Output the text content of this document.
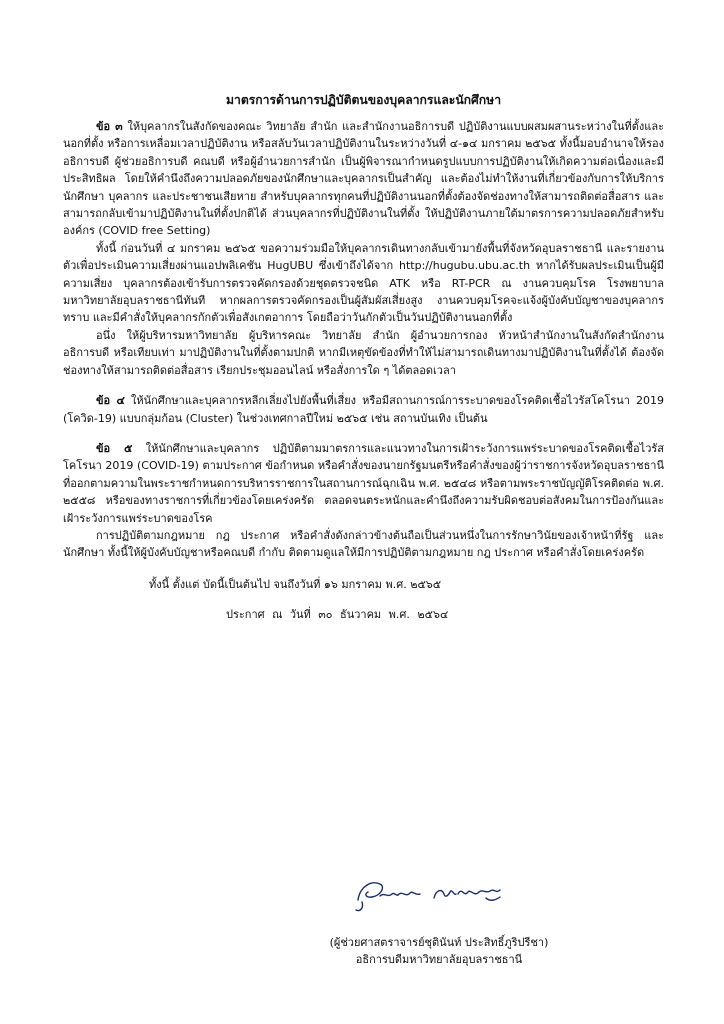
มาตรการด้านการปฏิบัติตนของบุคลากรและนักศึกษา

ข้อ ๓ ให้บุคลากรในสังกัดของคณะ วิทยาลัย สำนัก และสำนักงานอธิการบดี ปฏิบัติงานแบบผสมผสานระหว่างในที่ตั้งและนอกที่ตั้ง หรือการเหลื่อมเวลาปฏิบัติงาน หรือสลับวันเวลาปฏิบัติงานในระหว่างวันที่ ๔-๑๔ มกราคม ๒๕๖๕ ทั้งนี้มอบอำนาจให้รองอธิการบดี ผู้ช่วยอธิการบดี คณบดี หรือผู้อำนวยการสำนัก เป็นผู้พิจารณากำหนดรูปแบบการปฏิบัติงานให้เกิดความต่อเนื่องและมีประสิทธิผล โดยให้คำนึงถึงความปลอดภัยของนักศึกษาและบุคลากรเป็นสำคัญ และต้องไม่ทำให้งานที่เกี่ยวข้องกับการให้บริการนักศึกษา บุคลากร และประชาชนเสียหาย สำหรับบุคลากรทุกคนที่ปฏิบัติงานนอกที่ตั้งต้องจัดช่องทางให้สามารถติดต่อสื่อสาร และสามารถกลับเข้ามาปฏิบัติงานในที่ตั้งปกติได้ ส่วนบุคลากรที่ปฏิบัติงานในที่ตั้ง ให้ปฏิบัติงานภายใต้มาตรการความปลอดภัยสำหรับองค์กร (COVID free Setting)

ทั้งนี้ ก่อนวันที่ ๔ มกราคม ๒๕๖๕ ขอความร่วมมือให้บุคลากรเดินทางกลับเข้ามายังพื้นที่จังหวัดอุบลราชธานี และรายงานตัวเพื่อประเมินความเสี่ยงผ่านแอปพลิเคชัน HugUBU ซึ่งเข้าถึงได้จาก http://hugubu.ubu.ac.th หากได้รับผลประเมินเป็นผู้มีความเสี่ยง บุคลากรต้องเข้ารับการตรวจคัดกรองด้วยชุดตรวจชนิด ATK หรือ RT-PCR ณ งานควบคุมโรค โรงพยาบาลมหาวิทยาลัยอุบลราชธานีทันที หากผลการตรวจคัดกรองเป็นผู้สัมผัสเสี่ยงสูง งานควบคุมโรคจะแจ้งผู้บังคับบัญชาของบุคลากรทราบ และมีคำสั่งให้บุคลากรกักตัวเพื่อสังเกตอาการ โดยถือว่าวันกักตัวเป็นวันปฏิบัติงานนอกที่ตั้ง

อนึ่ง ให้ผู้บริหารมหาวิทยาลัย ผู้บริหารคณะ วิทยาลัย สำนัก ผู้อำนวยการกอง หัวหน้าสำนักงานในสังกัดสำนักงานอธิการบดี หรือเทียบเท่า มาปฏิบัติงานในที่ตั้งตามปกติ หากมีเหตุขัดข้องที่ทำให้ไม่สามารถเดินทางมาปฏิบัติงานในที่ตั้งได้ ต้องจัดช่องทางให้สามารถติดต่อสื่อสาร เรียกประชุมออนไลน์ หรือสั่งการใด ๆ ได้ตลอดเวลา

ข้อ ๔ ให้นักศึกษาและบุคลากรหลีกเลี่ยงไปยังพื้นที่เสี่ยง หรือมีสถานการณ์การระบาดของโรคติดเชื้อไวรัสโคโรนา 2019 (โควิด-19) แบบกลุ่มก้อน (Cluster) ในช่วงเทศกาลปีใหม่ ๒๕๖๕ เช่น สถานบันเทิง เป็นต้น

ข้อ ๕ ให้นักศึกษาและบุคลากร ปฏิบัติตามมาตรการและแนวทางในการเฝ้าระวังการแพร่ระบาดของโรคติดเชื้อไวรัสโคโรนา 2019 (COVID-19) ตามประกาศ ข้อกำหนด หรือคำสั่งของนายกรัฐมนตรีหรือคำสั่งของผู้ว่าราชการจังหวัดอุบลราชธานี ที่ออกตามความในพระราชกำหนดการบริหารราชการในสถานการณ์ฉุกเฉิน พ.ศ. ๒๕๔๘ หรือตามพระราชบัญญัติโรคติดต่อ พ.ศ. ๒๕๕๘ หรือของทางราชการที่เกี่ยวข้องโดยเคร่งครัด ตลอดจนตระหนักและคำนึงถึงความรับผิดชอบต่อสังคมในการป้องกันและเฝ้าระวังการแพร่ระบาดของโรค

การปฏิบัติตามกฎหมาย กฎ ประกาศ หรือคำสั่งดังกล่าวข้างต้นถือเป็นส่วนหนึ่งในการรักษาวินัยของเจ้าหน้าที่รัฐ และนักศึกษา ทั้งนี้ให้ผู้บังคับบัญชาหรือคณบดี กำกับ ติดตามดูแลให้มีการปฏิบัติตามกฎหมาย กฎ ประกาศ หรือคำสั่งโดยเคร่งครัด

ทั้งนี้ ตั้งแต่ บัดนี้เป็นต้นไป จนถึงวันที่ ๑๖ มกราคม พ.ศ. ๒๕๖๕
ประกาศ ณ วันที่ ๓๐ ธันวาคม พ.ศ. ๒๕๖๔
(ผู้ช่วยศาสตราจารย์ชุตินันท์ ประสิทธิ์ภูริปรีชา)
อธิการบดีมหาวิทยาลัยอุบลราชธานี
